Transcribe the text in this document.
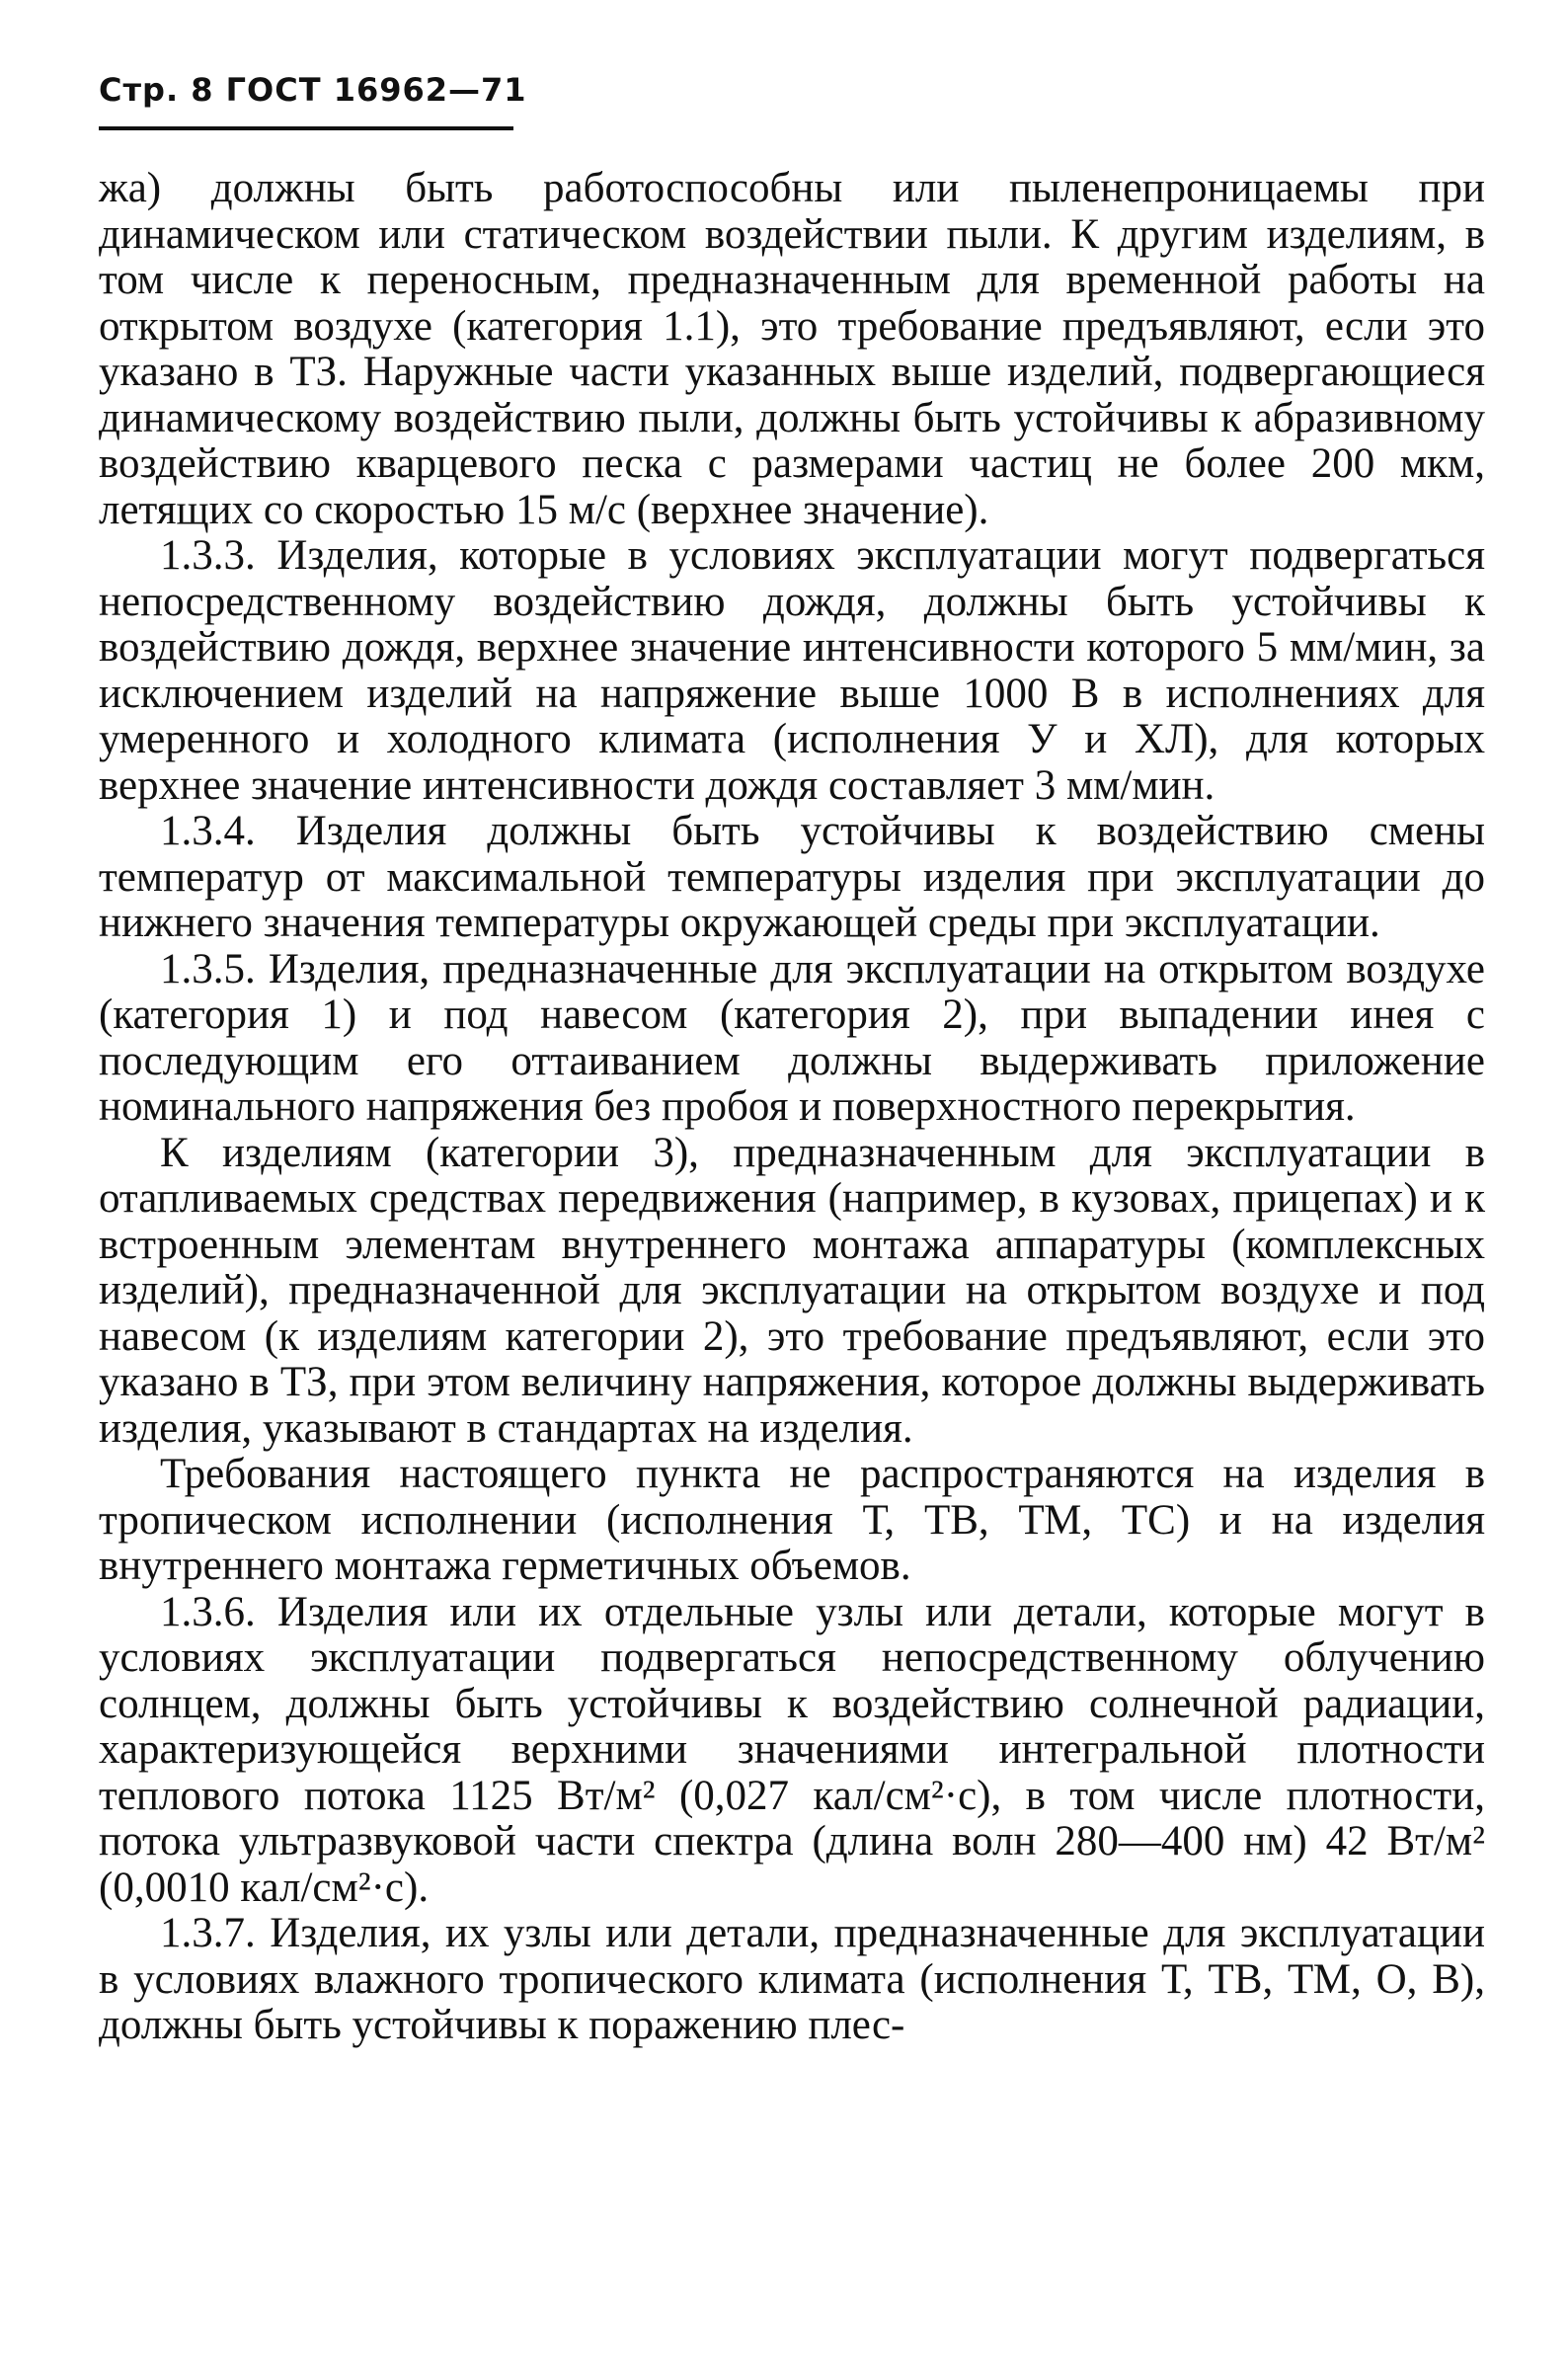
Стр. 8 ГОСТ 16962—71

жа) должны быть работоспособны или пыленепроницаемы при динамическом или статическом воздействии пыли. К другим изделиям, в том числе к переносным, предназначенным для временной работы на открытом воздухе (категория 1.1), это требование предъявляют, если это указано в ТЗ. Наружные части указанных выше изделий, подвергающиеся динамическому воздействию пыли, должны быть устойчивы к абразивному воздействию кварцевого песка с размерами частиц не более 200 мкм, летящих со скоростью 15 м/с (верхнее значение).

1.3.3. Изделия, которые в условиях эксплуатации могут подвергаться непосредственному воздействию дождя, должны быть устойчивы к воздействию дождя, верхнее значение интенсивности которого 5 мм/мин, за исключением изделий на напряжение выше 1000 В в исполнениях для умеренного и холодного климата (исполнения У и ХЛ), для которых верхнее значение интенсивности дождя составляет 3 мм/мин.

1.3.4. Изделия должны быть устойчивы к воздействию смены температур от максимальной температуры изделия при эксплуатации до нижнего значения температуры окружающей среды при эксплуатации.

1.3.5. Изделия, предназначенные для эксплуатации на открытом воздухе (категория 1) и под навесом (категория 2), при выпадении инея с последующим его оттаиванием должны выдерживать приложение номинального напряжения без пробоя и поверхностного перекрытия.

К изделиям (категории 3), предназначенным для эксплуатации в отапливаемых средствах передвижения (например, в кузовах, прицепах) и к встроенным элементам внутреннего монтажа аппаратуры (комплексных изделий), предназначенной для эксплуатации на открытом воздухе и под навесом (к изделиям категории 2), это требование предъявляют, если это указано в ТЗ, при этом величину напряжения, которое должны выдерживать изделия, указывают в стандартах на изделия.

Требования настоящего пункта не распространяются на изделия в тропическом исполнении (исполнения Т, ТВ, ТМ, ТС) и на изделия внутреннего монтажа герметичных объемов.

1.3.6. Изделия или их отдельные узлы или детали, которые могут в условиях эксплуатации подвергаться непосредственному облучению солнцем, должны быть устойчивы к воздействию солнечной радиации, характеризующейся верхними значениями интегральной плотности теплового потока 1125 Вт/м² (0,027 кал/см²·с), в том числе плотности, потока ультразвуковой части спектра (длина волн 280—400 нм) 42 Вт/м² (0,0010 кал/см²·с).

1.3.7. Изделия, их узлы или детали, предназначенные для эксплуатации в условиях влажного тропического климата (исполнения Т, ТВ, ТМ, О, В), должны быть устойчивы к поражению плес-
